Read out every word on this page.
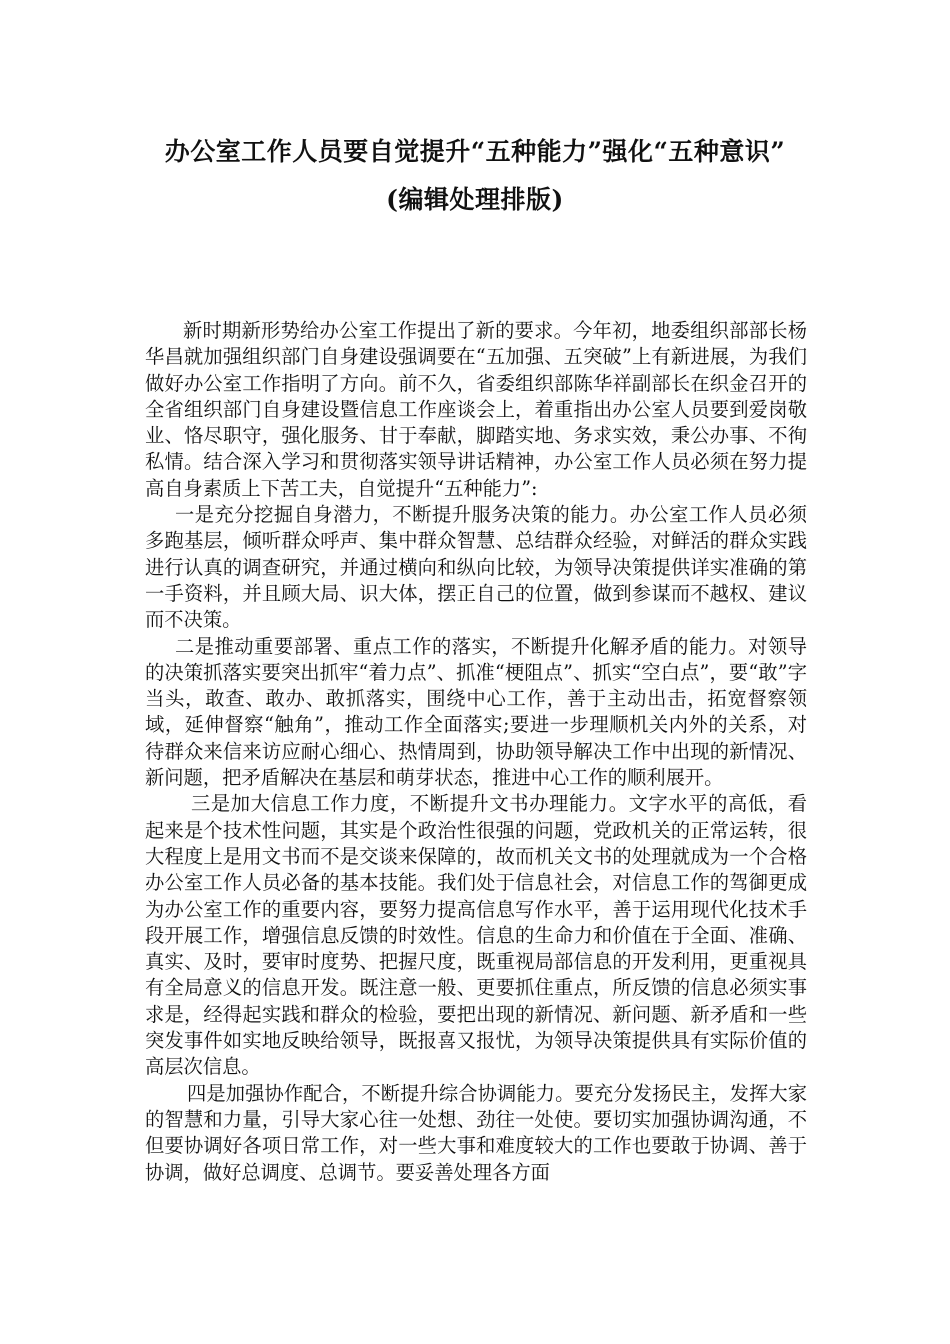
办公室工作人员要自觉提升“五种能力”强化“五种意识”
(编辑处理排版)

新时期新形势给办公室工作提出了新的要求。今年初，地委组织部部长杨华昌就加强组织部门自身建设强调要在“五加强、五突破”上有新进展，为我们做好办公室工作指明了方向。前不久，省委组织部陈华祥副部长在织金召开的全省组织部门自身建设暨信息工作座谈会上，着重指出办公室人员要到爱岗敬业、恪尽职守，强化服务、甘于奉献，脚踏实地、务求实效，秉公办事、不徇私情。结合深入学习和贯彻落实领导讲话精神，办公室工作人员必须在努力提高自身素质上下苦工夫，自觉提升“五种能力”:

一是充分挖掘自身潜力，不断提升服务决策的能力。办公室工作人员必须多跑基层，倾听群众呼声、集中群众智慧、总结群众经验，对鲜活的群众实践进行认真的调查研究，并通过横向和纵向比较，为领导决策提供详实准确的第一手资料，并且顾大局、识大体，摆正自己的位置，做到参谋而不越权、建议而不决策。

二是推动重要部署、重点工作的落实，不断提升化解矛盾的能力。对领导的决策抓落实要突出抓牢“着力点”、抓准“梗阻点”、抓实“空白点”，要“敢”字当头，敢查、敢办、敢抓落实，围绕中心工作，善于主动出击，拓宽督察领域，延伸督察“触角”，推动工作全面落实;要进一步理顺机关内外的关系，对待群众来信来访应耐心细心、热情周到，协助领导解决工作中出现的新情况、新问题，把矛盾解决在基层和萌芽状态，推进中心工作的顺利展开。

三是加大信息工作力度，不断提升文书办理能力。文字水平的高低，看起来是个技术性问题，其实是个政治性很强的问题，党政机关的正常运转，很大程度上是用文书而不是交谈来保障的，故而机关文书的处理就成为一个合格办公室工作人员必备的基本技能。我们处于信息社会，对信息工作的驾御更成为办公室工作的重要内容，要努力提高信息写作水平，善于运用现代化技术手段开展工作，增强信息反馈的时效性。信息的生命力和价值在于全面、准确、真实、及时，要审时度势、把握尺度，既重视局部信息的开发利用，更重视具有全局意义的信息开发。既注意一般、更要抓住重点，所反馈的信息必须实事求是，经得起实践和群众的检验，要把出现的新情况、新问题、新矛盾和一些突发事件如实地反映给领导，既报喜又报忧，为领导决策提供具有实际价值的高层次信息。

四是加强协作配合，不断提升综合协调能力。要充分发扬民主，发挥大家的智慧和力量，引导大家心往一处想、劲往一处使。要切实加强协调沟通，不但要协调好各项日常工作，对一些大事和难度较大的工作也要敢于协调、善于协调，做好总调度、总调节。要妥善处理各方面
